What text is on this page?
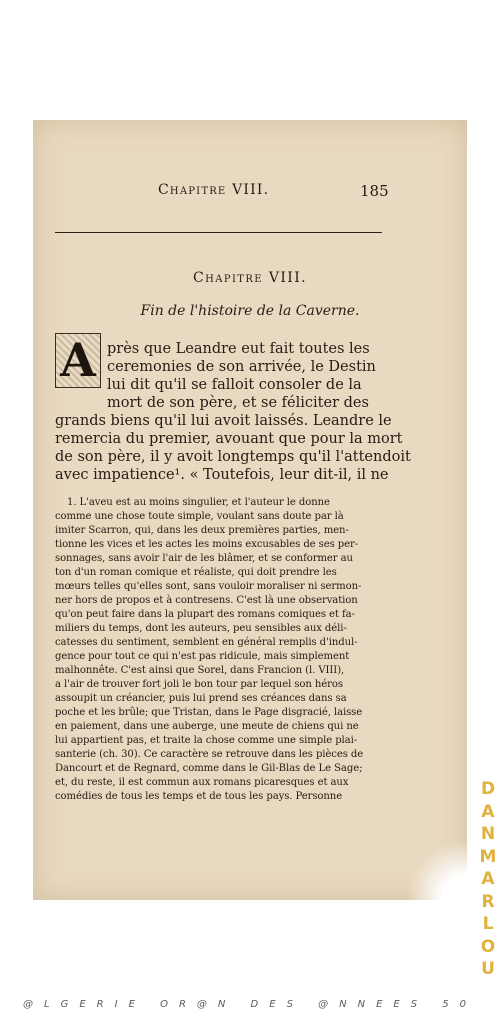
Chapitre VIII.	185
Chapitre VIII.
Fin de l'histoire de la Caverne.
A près que Leandre eut fait toutes les
ceremonies de son arrivée, le Destin
lui dit qu'il se falloit consoler de la
mort de son père, et se féliciter des
grands biens qu'il lui avoit laissés. Leandre le
remercia du premier, avouant que pour la mort
de son père, il y avoit longtemps qu'il l'attendoit
avec impatience¹. « Toutefois, leur dit-il, il ne
1. L'aveu est au moins singulier, et l'auteur le donne
comme une chose toute simple, voulant sans doute par là
imiter Scarron, qui, dans les deux premières parties, men-
tionne les vices et les actes les moins excusables de ses per-
sonnages, sans avoir l'air de les blâmer, et se conformer au
ton d'un roman comique et réaliste, qui doit prendre les
mœurs telles qu'elles sont, sans vouloir moraliser ni sermon-
ner hors de propos et à contresens. C'est là une observation
qu'on peut faire dans la plupart des romans comiques et fa-
miliers du temps, dont les auteurs, peu sensibles aux déli-
catesses du sentiment, semblent en général remplis d'indul-
gence pour tout ce qui n'est pas ridicule, mais simplement
malhonnête. C'est ainsi que Sorel, dans Francion (l. VIII),
a l'air de trouver fort joli le bon tour par lequel son héros
assoupit un créancier, puis lui prend ses créances dans sa
poche et les brûle; que Tristan, dans le Page disgracié, laisse
en paiement, dans une auberge, une meute de chiens qui ne
lui appartient pas, et traite la chose comme une simple plai-
santerie (ch. 30). Ce caractère se retrouve dans les pièces de
Dancourt et de Regnard, comme dans le Gil-Blas de Le Sage;
et, du reste, il est commun aux romans picaresques et aux
comédies de tous les temps et de tous les pays. Personne	D
A
N
M
A
R
L
O
U
@LGERIE OR@N DES @NNEES 50
